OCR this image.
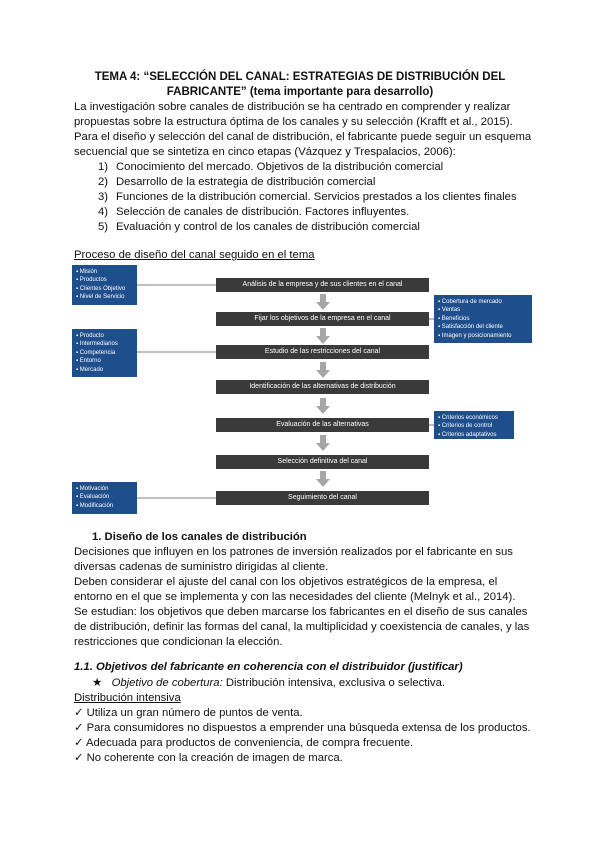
TEMA 4: “SELECCIÓN DEL CANAL: ESTRATEGIAS DE DISTRIBUCIÓN DEL FABRICANTE” (tema importante para desarrollo)
La investigación sobre canales de distribución se ha centrado en comprender y realizar propuestas sobre la estructura óptima de los canales y su selección (Krafft et al., 2015).
Para el diseño y selección del canal de distribución, el fabricante puede seguir un esquema secuencial que se sintetiza en cinco etapas (Vázquez y Trespalacios, 2006):
1) Conocimiento del mercado. Objetivos de la distribución comercial
2) Desarrollo de la estrategia de distribución comercial
3) Funciones de la distribución comercial. Servicios prestados a los clientes finales
4) Selección de canales de distribución. Factores influyentes.
5) Evaluación y control de los canales de distribución comercial
Proceso de diseño del canal seguido en el tema
▪ Misión
▪ Productos
▪ Clientes Objetivo
▪ Nivel de Servicio
▪ Producto
▪ Intermediarios
▪ Competencia
▪ Entorno
▪ Mercado
▪ Motivación
▪ Evaluación
▪ Modificación
▪ Cobertura de mercado
▪ Ventas
▪ Beneficios
▪ Satisfacción del cliente
▪ Imagen y posicionamiento
▪ Criterios económicos
▪ Criterios de control
▪ Criterios adaptativos
Análisis de la empresa y de sus clientes en el canal
Fijar los objetivos de la empresa en el canal
Estudio de las restricciones del canal
Identificación de las alternativas de distribución
Evaluación de las alternativas
Selección definitiva del canal
Seguimiento del canal
1. Diseño de los canales de distribución
Decisiones que influyen en los patrones de inversión realizados por el fabricante en sus diversas cadenas de suministro dirigidas al cliente.
Deben considerar el ajuste del canal con los objetivos estratégicos de la empresa, el entorno en el que se implementa y con las necesidades del cliente (Melnyk et al., 2014).
Se estudian: los objetivos que deben marcarse los fabricantes en el diseño de sus canales de distribución, definir las formas del canal, la multiplicidad y coexistencia de canales, y las restricciones que condicionan la elección.
1.1. Objetivos del fabricante en coherencia con el distribuidor (justificar)
★ Objetivo de cobertura: Distribución intensiva, exclusiva o selectiva.
Distribución intensiva
✓ Utiliza un gran número de puntos de venta.
✓ Para consumidores no dispuestos a emprender una búsqueda extensa de los productos.
✓ Adecuada para productos de conveniencia, de compra frecuente.
✓ No coherente con la creación de imagen de marca.
